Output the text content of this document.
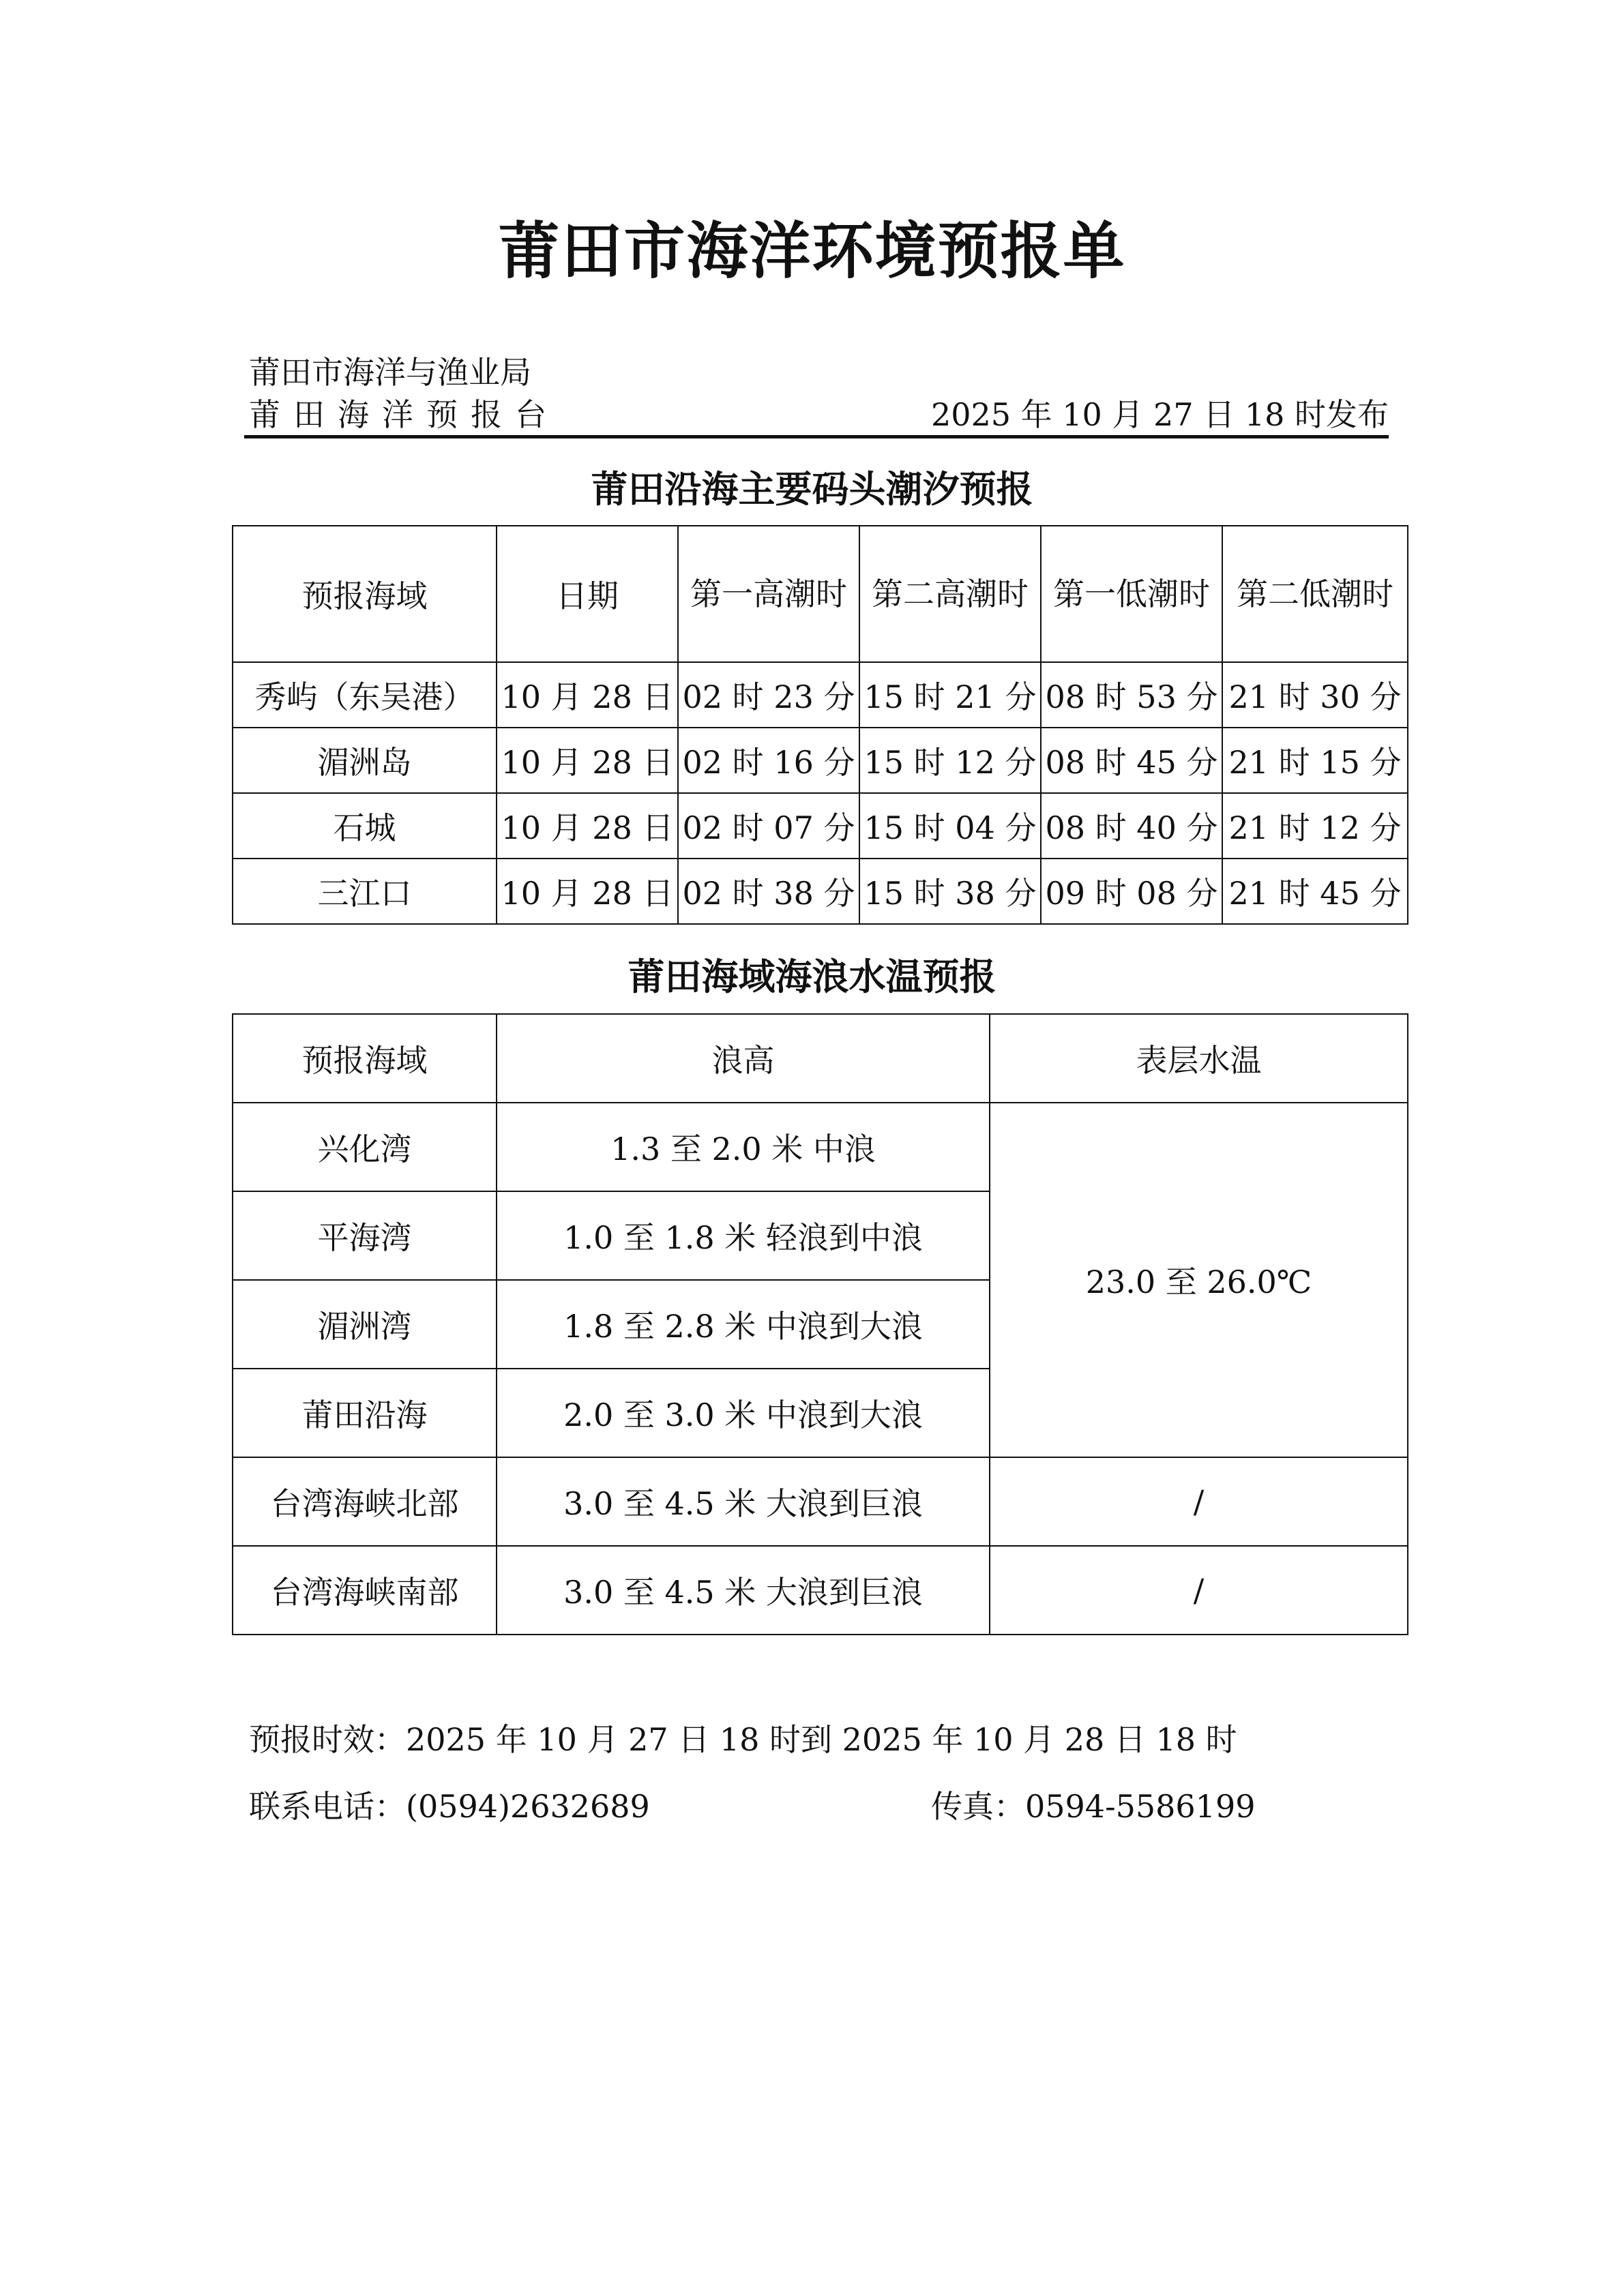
莆田市海洋环境预报单
莆田市海洋与渔业局
莆田海洋预报台	2025 年 10 月 27 日 18 时发布
莆田沿海主要码头潮汐预报
预报海域	日期	第一高潮时	第二高潮时	第一低潮时	第二低潮时
秀屿（东吴港）	10 月 28 日	02 时 23 分	15 时 21 分	08 时 53 分	21 时 30 分
湄洲岛	10 月 28 日	02 时 16 分	15 时 12 分	08 时 45 分	21 时 15 分
石城	10 月 28 日	02 时 07 分	15 时 04 分	08 时 40 分	21 时 12 分
三江口	10 月 28 日	02 时 38 分	15 时 38 分	09 时 08 分	21 时 45 分
莆田海域海浪水温预报
预报海域	浪高	表层水温
兴化湾	1.3 至 2.0 米 中浪	23.0 至 26.0℃
平海湾	1.0 至 1.8 米 轻浪到中浪	
湄洲湾	1.8 至 2.8 米 中浪到大浪	
莆田沿海	2.0 至 3.0 米 中浪到大浪	
台湾海峡北部	3.0 至 4.5 米 大浪到巨浪	/
台湾海峡南部	3.0 至 4.5 米 大浪到巨浪	/
预报时效：2025 年 10 月 27 日 18 时到 2025 年 10 月 28 日 18 时
联系电话：(0594)2632689	传真：0594-5586199
